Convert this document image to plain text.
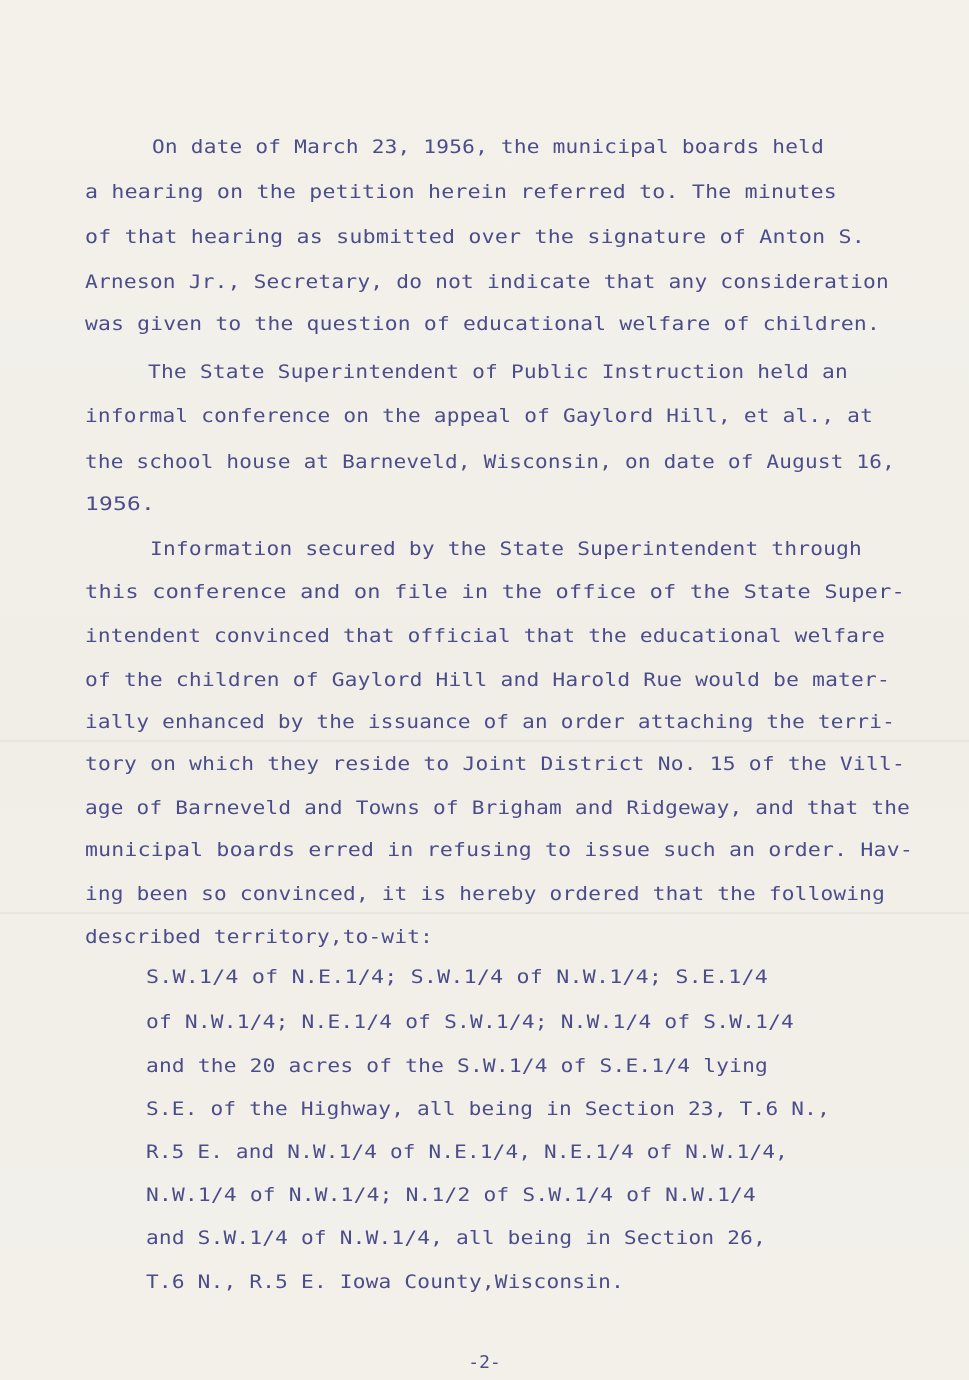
On date of March 23, 1956, the municipal boards held
a hearing on the petition herein referred to. The minutes
of that hearing as submitted over the signature of Anton S.
Arneson Jr., Secretary, do not indicate that any consideration
was given to the question of educational welfare of children.
The State Superintendent of Public Instruction held an
informal conference on the appeal of Gaylord Hill, et al., at
the school house at Barneveld, Wisconsin, on date of August 16,
1956.
Information secured by the State Superintendent through
this conference and on file in the office of the State Super-
intendent convinced that official that the educational welfare
of the children of Gaylord Hill and Harold Rue would be mater-
ially enhanced by the issuance of an order attaching the terri-
tory on which they reside to Joint District No. 15 of the Vill-
age of Barneveld and Towns of Brigham and Ridgeway, and that the
municipal boards erred in refusing to issue such an order. Hav-
ing been so convinced, it is hereby ordered that the following
described territory,to-wit:
S.W.1/4 of N.E.1/4; S.W.1/4 of N.W.1/4; S.E.1/4
of N.W.1/4; N.E.1/4 of S.W.1/4; N.W.1/4 of S.W.1/4
and the 20 acres of the S.W.1/4 of S.E.1/4 lying
S.E. of the Highway, all being in Section 23, T.6 N.,
R.5 E. and N.W.1/4 of N.E.1/4, N.E.1/4 of N.W.1/4,
N.W.1/4 of N.W.1/4; N.1/2 of S.W.1/4 of N.W.1/4
and S.W.1/4 of N.W.1/4, all being in Section 26,
T.6 N., R.5 E. Iowa County,Wisconsin.
-2-
